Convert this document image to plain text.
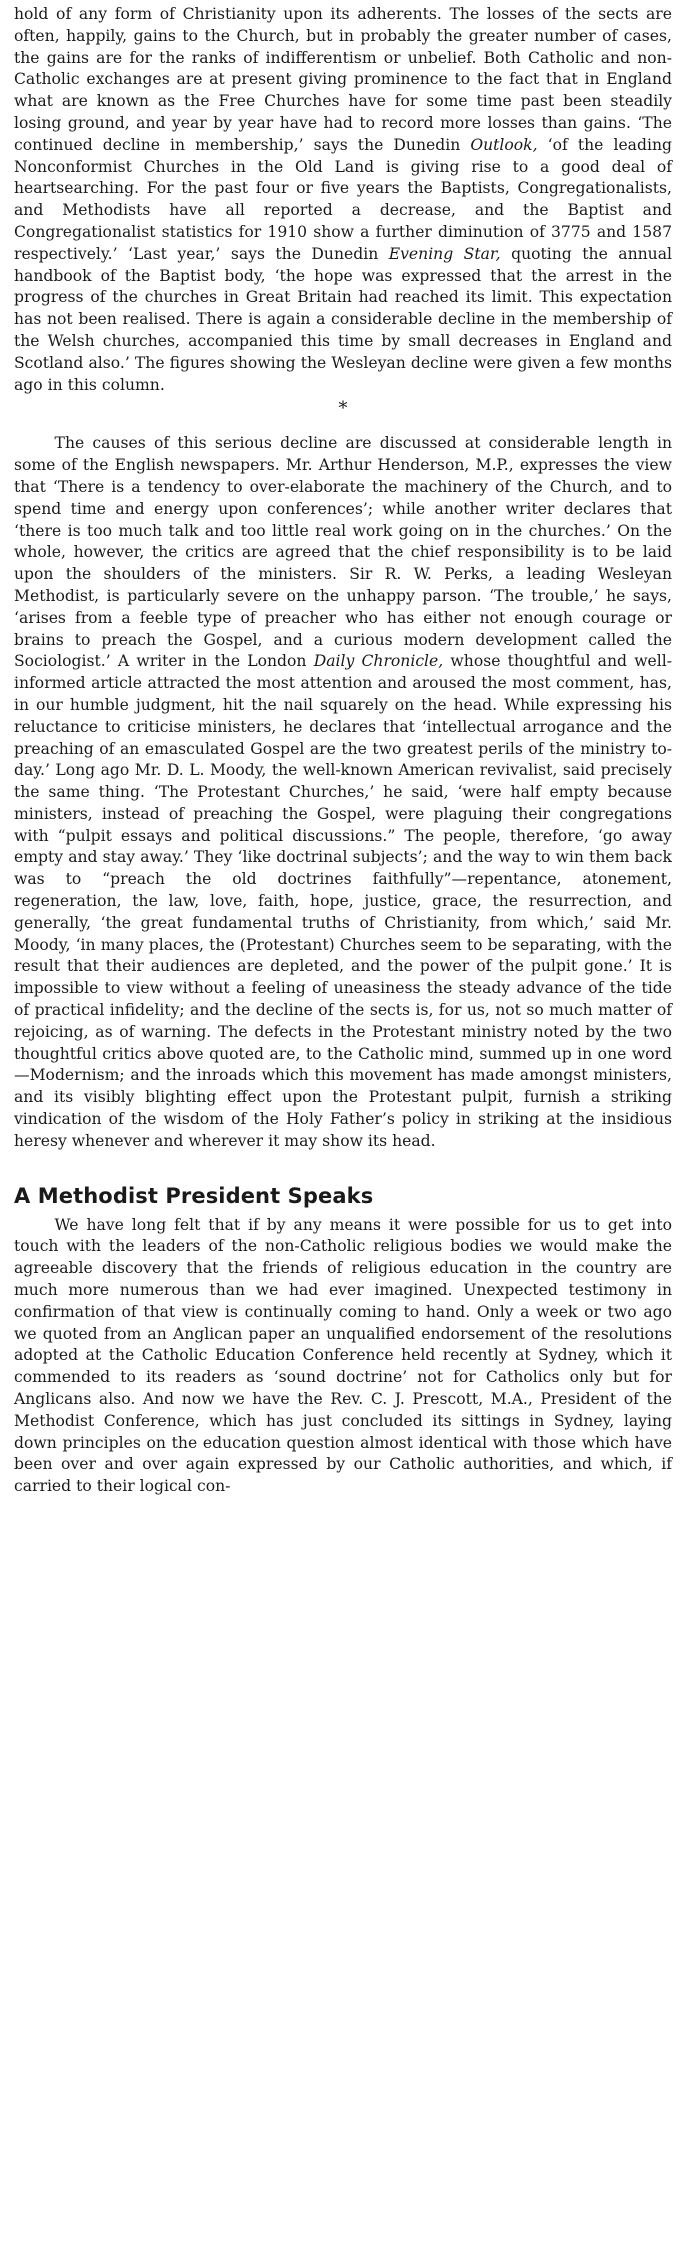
hold of any form of Christianity upon its adherents. The losses of the sects are often, happily, gains to the Church, but in probably the greater number of cases, the gains are for the ranks of indifferentism or unbelief. Both Catholic and non-Catholic exchanges are at present giving prominence to the fact that in England what are known as the Free Churches have for some time past been steadily losing ground, and year by year have had to record more losses than gains. ‘The continued decline in membership,’ says the Dunedin Outlook, ‘of the leading Nonconformist Churches in the Old Land is giving rise to a good deal of heartsearching. For the past four or five years the Baptists, Congregationalists, and Methodists have all reported a decrease, and the Baptist and Congregationalist statistics for 1910 show a further diminution of 3775 and 1587 respectively.’ ‘Last year,’ says the Dunedin Evening Star, quoting the annual handbook of the Baptist body, ‘the hope was expressed that the arrest in the progress of the churches in Great Britain had reached its limit. This expectation has not been realised. There is again a considerable decline in the membership of the Welsh churches, accompanied this time by small decreases in England and Scotland also.’ The figures showing the Wesleyan decline were given a few months ago in this column.

*

The causes of this serious decline are discussed at considerable length in some of the English newspapers. Mr. Arthur Henderson, M.P., expresses the view that ‘There is a tendency to over-elaborate the machinery of the Church, and to spend time and energy upon conferences’; while another writer declares that ‘there is too much talk and too little real work going on in the churches.’ On the whole, however, the critics are agreed that the chief responsibility is to be laid upon the shoulders of the ministers. Sir R. W. Perks, a leading Wesleyan Methodist, is particularly severe on the unhappy parson. ‘The trouble,’ he says, ‘arises from a feeble type of preacher who has either not enough courage or brains to preach the Gospel, and a curious modern development called the Sociologist.’ A writer in the London Daily Chronicle, whose thoughtful and well-informed article attracted the most attention and aroused the most comment, has, in our humble judgment, hit the nail squarely on the head. While expressing his reluctance to criticise ministers, he declares that ‘intellectual arrogance and the preaching of an emasculated Gospel are the two greatest perils of the ministry to-day.’ Long ago Mr. D. L. Moody, the well-known American revivalist, said precisely the same thing. ‘The Protestant Churches,’ he said, ‘were half empty because ministers, instead of preaching the Gospel, were plaguing their congregations with “pulpit essays and political discussions.” The people, therefore, ‘go away empty and stay away.’ They ‘like doctrinal subjects’; and the way to win them back was to “preach the old doctrines faithfully”—repentance, atonement, regeneration, the law, love, faith, hope, justice, grace, the resurrection, and generally, ‘the great fundamental truths of Christianity, from which,’ said Mr. Moody, ‘in many places, the (Protestant) Churches seem to be separating, with the result that their audiences are depleted, and the power of the pulpit gone.’ It is impossible to view without a feeling of uneasiness the steady advance of the tide of practical infidelity; and the decline of the sects is, for us, not so much matter of rejoicing, as of warning. The defects in the Protestant ministry noted by the two thoughtful critics above quoted are, to the Catholic mind, summed up in one word—Modernism; and the inroads which this movement has made amongst ministers, and its visibly blighting effect upon the Protestant pulpit, furnish a striking vindication of the wisdom of the Holy Father’s policy in striking at the insidious heresy whenever and wherever it may show its head.

A Methodist President Speaks

We have long felt that if by any means it were possible for us to get into touch with the leaders of the non-Catholic religious bodies we would make the agreeable discovery that the friends of religious education in the country are much more numerous than we had ever imagined. Unexpected testimony in confirmation of that view is continually coming to hand. Only a week or two ago we quoted from an Anglican paper an unqualified endorsement of the resolutions adopted at the Catholic Education Conference held recently at Sydney, which it commended to its readers as ‘sound doctrine’ not for Catholics only but for Anglicans also. And now we have the Rev. C. J. Prescott, M.A., President of the Methodist Conference, which has just concluded its sittings in Sydney, laying down principles on the education question almost identical with those which have been over and over again expressed by our Catholic authorities, and which, if carried to their logical con-
